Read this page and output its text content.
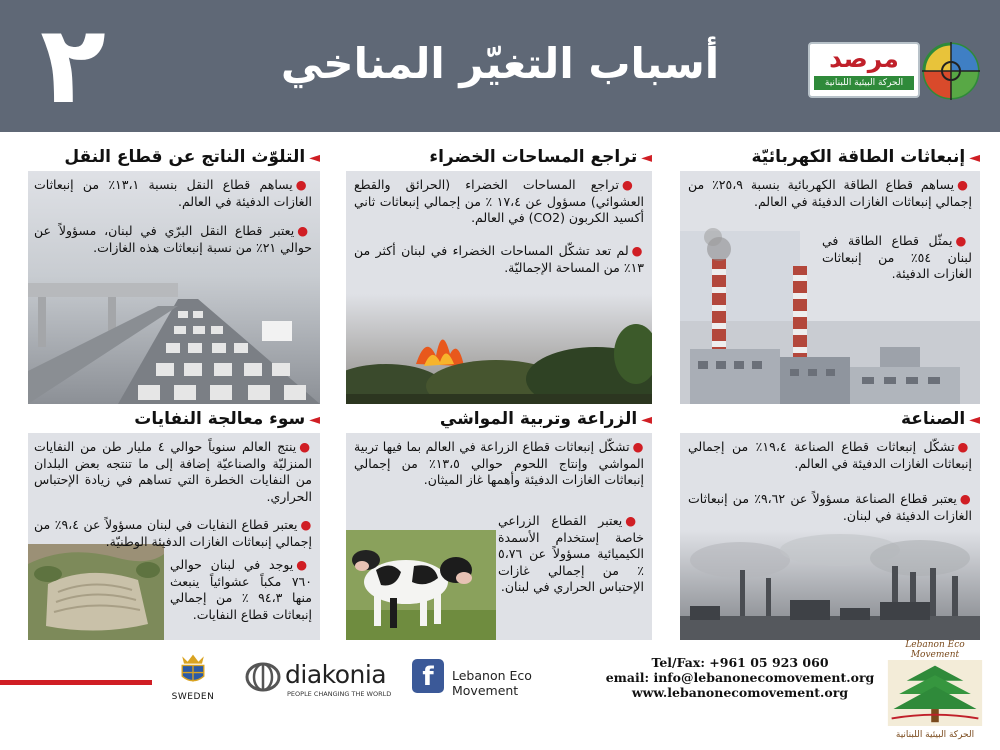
٢	أسباب التغيّر المناخي	مرصد
الحركة البيئية اللبنانية
◄إنبعاثات الطاقة الكهربائيّة
●يساهم قطاع الطاقة الكهربائية بنسبة ٢٥،٩٪ من إجمالي إنبعاثات الغازات الدفيئة في العالم.
●يمثّل قطاع الطاقة في لبنان ٥٤٪ من إنبعاثات الغازات الدفيئة.
◄تراجع المساحات الخضراء
●تراجع المساحات الخضراء (الحرائق والقطع العشوائي) مسؤول عن ١٧،٤ ٪ من إجمالي إنبعاثات ثاني أكسيد الكربون (CO2) في العالم.
●لم تعد تشكّل المساحات الخضراء في لبنان أكثر من ١٣٪ من المساحة الإجماليّة.
◄التلوّث الناتج عن قطاع النقل
●يساهم قطاع النقل بنسبة ١٣،١٪ من إنبعاثات الغازات الدفيئة في العالم.
●يعتبر قطاع النقل البرّي في لبنان، مسؤولاً عن حوالي ٢١٪ من نسبة إنبعاثات هذه الغازات.
◄الصناعة
●تشكّل إنبعاثات قطاع الصناعة ١٩،٤٪ من إجمالي إنبعاثات الغازات الدفيئة في العالم.
●يعتبر قطاع الصناعة مسؤولاً عن ٩،٦٢٪ من إنبعاثات الغازات الدفيئة في لبنان.
◄الزراعة وتربية المواشي
●تشكّل إنبعاثات قطاع الزراعة في العالم بما فيها تربية المواشي وإنتاج اللحوم حوالي ١٣،٥٪ من إجمالي إنبعاثات الغازات الدفيئة وأهمها غاز الميثان.
●يعتبر القطاع الزراعي خاصة إستخدام الأسمدة الكيميائية مسؤولاً عن ٥،٧٦ ٪ من إجمالي غازات الإحتباس الحراري في لبنان.
◄سوء معالجة النفايات
●ينتج العالم سنوياً حوالي ٤ مليار طن من النفايات المنزليّة والصناعيّة إضافة إلى ما تنتجه بعض البلدان من النفايات الخطرة التي تساهم في زيادة الإحتباس الحراري.
●يعتبر قطاع النفايات في لبنان مسؤولاً عن ٩،٤٪ من إجمالي إنبعاثات الغازات الدفيئة الوطنيّة.
●يوجد في لبنان حوالي ٧٦٠ مكباً عشوائياً ينبعث منها ٩٤،٣ ٪ من إجمالي إنبعاثات قطاع النفايات.
SWEDEN
diakonia
PEOPLE CHANGING THE WORLD
f	Lebanon Eco Movement
Tel/Fax: +961 05 923 060
email: info@lebanonecomovement.org
www.lebanonecomovement.org
Lebanon Eco Movement
الحركة البيئية اللبنانية
